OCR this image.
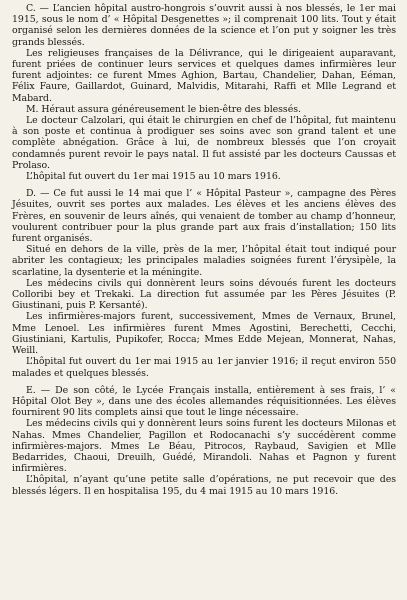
C. — L’ancien hôpital austro-hongrois s’ouvrit aussi à nos blessés, le 1er mai 1915, sous le nom d’ « Hôpital Desgenettes »; il comprenait 100 lits. Tout y était organisé selon les dernières données de la science et l’on put y soigner les très grands blessés.

Les religieuses françaises de la Délivrance, qui le dirigeaient auparavant, furent priées de continuer leurs services et quelques dames infirmières leur furent adjointes: ce furent Mmes Aghion, Bartau, Chandelier, Dahan, Eéman, Félix Faure, Gaillardot, Guinard, Malvidis, Mitarahi, Raffi et Mlle Legrand et Mabard.

M. Héraut assura généreusement le bien-être des blessés.

Le docteur Calzolari, qui était le chirurgien en chef de l’hôpital, fut maintenu à son poste et continua à prodiguer ses soins avec son grand talent et une complète abnégation. Grâce à lui, de nombreux blessés que l’on croyait condamnés purent revoir le pays natal. Il fut assisté par les docteurs Caussas et Prolaso.

L’hôpital fut ouvert du 1er mai 1915 au 10 mars 1916.

D. — Ce fut aussi le 14 mai que l’ « Hôpital Pasteur », campagne des Pères Jésuites, ouvrit ses portes aux malades. Les élèves et les anciens élèves des Frères, en souvenir de leurs aînés, qui venaient de tomber au champ d’honneur, voulurent contribuer pour la plus grande part aux frais d’installation; 150 lits furent organisés.

Situé en dehors de la ville, près de la mer, l’hôpital était tout indiqué pour abriter les contagieux; les principales maladies soignées furent l’érysipèle, la scarlatine, la dysenterie et la méningite.

Les médecins civils qui donnèrent leurs soins dévoués furent les docteurs Colloribi bey et Trekaki. La direction fut assumée par les Pères Jésuites (P. Giustinani, puis P. Kersanté).

Les infirmières-majors furent, successivement, Mmes de Vernaux, Brunel, Mme Lenoel. Les infirmières furent Mmes Agostini, Berechetti, Cecchi, Giustiniani, Kartulis, Pupikofer, Rocca; Mmes Edde Mejean, Monnerat, Nahas, Weill.

L’hôpital fut ouvert du 1er mai 1915 au 1er janvier 1916; il reçut environ 550 malades et quelques blessés.

E. — De son côté, le Lycée Français installa, entièrement à ses frais, l’ « Hôpital Olot Bey », dans une des écoles allemandes réquisitionnées. Les élèves fournirent 90 lits complets ainsi que tout le linge nécessaire.

Les médecins civils qui y donnèrent leurs soins furent les docteurs Milonas et Nahas. Mmes Chandelier, Pagillon et Rodocanachi s’y succédèrent comme infirmières-majors. Mmes Le Béau, Pitrocos, Raybaud, Savigien et Mlle Bedarrides, Chaoui, Dreuilh, Guédé, Mirandoli. Nahas et Pagnon y furent infirmières.

L’hôpital, n’ayant qu’une petite salle d’opérations, ne put recevoir que des blessés légers. Il en hospitalisa 195, du 4 mai 1915 au 10 mars 1916.
